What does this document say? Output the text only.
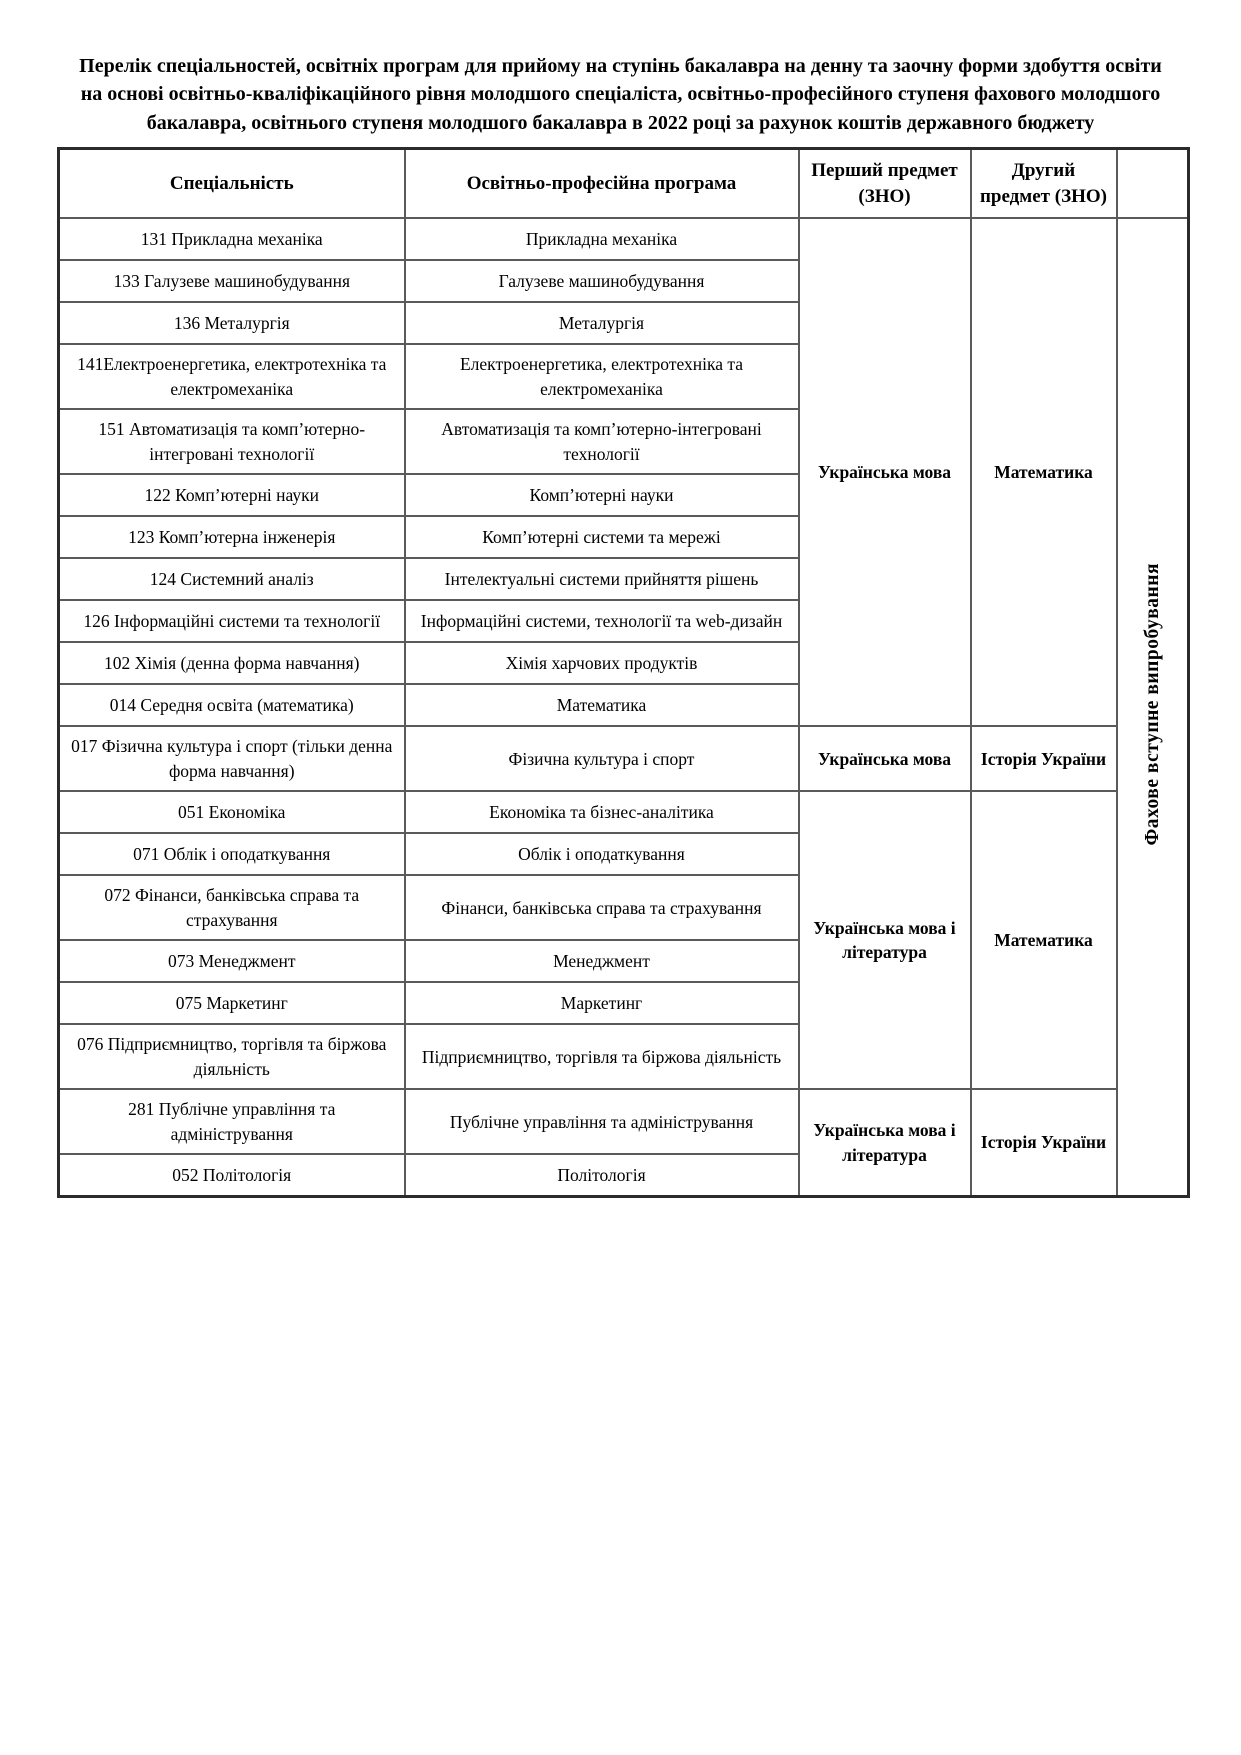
Перелік спеціальностей, освітніх програм для прийому на ступінь бакалавра на денну та заочну форми здобуття освіти на основі освітньо-кваліфікаційного рівня молодшого спеціаліста, освітньо-професійного ступеня фахового молодшого бакалавра, освітнього ступеня молодшого бакалавра в 2022 році за рахунок коштів державного бюджету
Спеціальність	Освітньо-професійна програма	Перший предмет (ЗНО)	Другий предмет (ЗНО)	
131 Прикладна механіка	Прикладна механіка	Українська мова	Математика	Фахове вступне випробування
133 Галузеве машинобудування	Галузеве машинобудування			
136 Металургія	Металургія			
141Електроенергетика, електротехніка та електромеханіка	Електроенергетика, електротехніка та електромеханіка			
151 Автоматизація та комп’ютерно-інтегровані технології	Автоматизація та комп’ютерно-інтегровані технології			
122 Комп’ютерні науки	Комп’ютерні науки			
123 Комп’ютерна інженерія	Комп’ютерні системи та мережі			
124 Системний аналіз	Інтелектуальні системи прийняття рішень			
126 Інформаційні системи та технології	Інформаційні системи, технології та web-дизайн			
102 Хімія (денна форма навчання)	Хімія харчових продуктів			
014 Середня освіта (математика)	Математика			
017 Фізична культура і спорт (тільки денна форма навчання)	Фізична культура і спорт	Українська мова	Історія України	
051 Економіка	Економіка та бізнес-аналітика	Українська мова і література	Математика	
071 Облік і оподаткування	Облік і оподаткування			
072 Фінанси, банківська справа та страхування	Фінанси, банківська справа та страхування			
073 Менеджмент	Менеджмент			
075 Маркетинг	Маркетинг			
076 Підприємництво, торгівля та біржова діяльність	Підприємництво, торгівля та біржова діяльність			
281 Публічне управління та адміністрування	Публічне управління та адміністрування	Українська мова і література	Історія України	
052 Політологія	Політологія			
